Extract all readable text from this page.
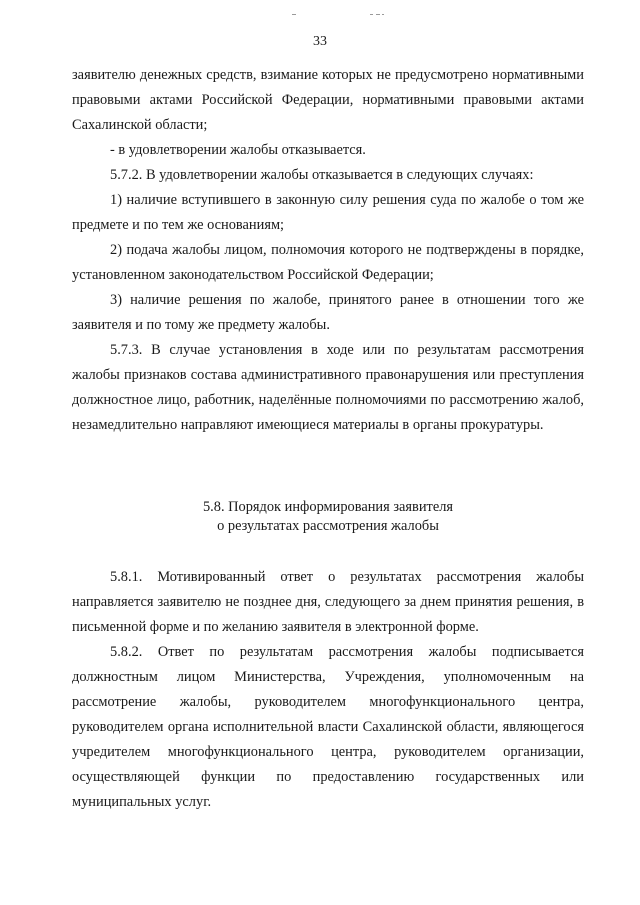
33

заявителю денежных средств, взимание которых не предусмотрено нормативными правовыми актами Российской Федерации, нормативными правовыми актами Сахалинской области;

- в удовлетворении жалобы отказывается.

5.7.2. В удовлетворении жалобы отказывается в следующих случаях:

1) наличие вступившего в законную силу решения суда по жалобе о том же предмете и по тем же основаниям;

2) подача жалобы лицом, полномочия которого не подтверждены в порядке, установленном законодательством Российской Федерации;

3) наличие решения по жалобе, принятого ранее в отношении того же заявителя и по тому же предмету жалобы.

5.7.3. В случае установления в ходе или по результатам рассмотрения жалобы признаков состава административного правонарушения или преступления должностное лицо, работник, наделённые полномочиями по рассмотрению жалоб, незамедлительно направляют имеющиеся материалы в органы прокуратуры.

5.8. Порядок информирования заявителя
о результатах рассмотрения жалобы

5.8.1. Мотивированный ответ о результатах рассмотрения жалобы направляется заявителю не позднее дня, следующего за днем принятия решения, в письменной форме и по желанию заявителя в электронной форме.

5.8.2. Ответ по результатам рассмотрения жалобы подписывается должностным лицом Министерства, Учреждения, уполномоченным на рассмотрение жалобы, руководителем многофункционального центра, руководителем органа исполнительной власти Сахалинской области, являющегося учредителем многофункционального центра, руководителем организации, осуществляющей функции по предоставлению государственных или муниципальных услуг.
